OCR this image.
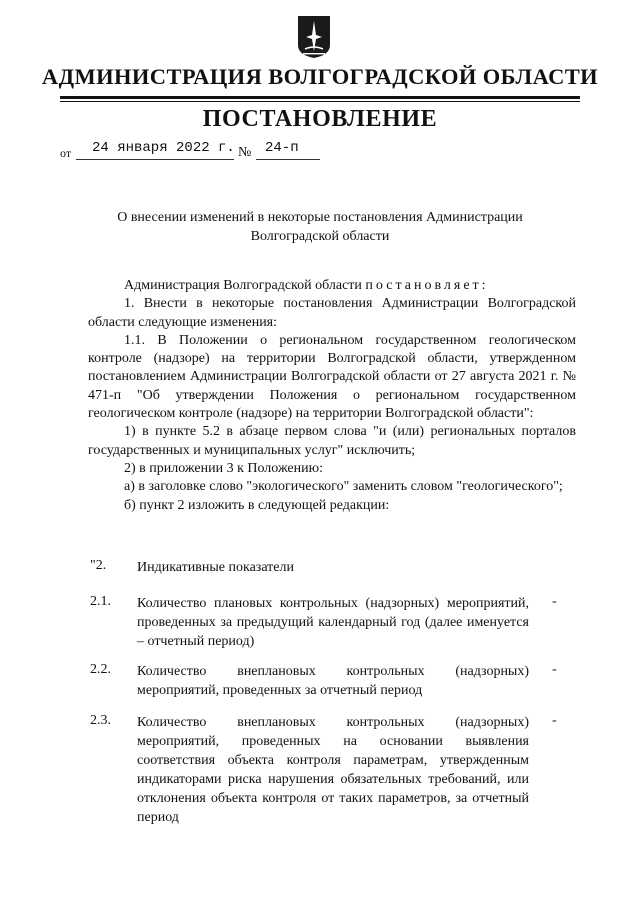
АДМИНИСТРАЦИЯ ВОЛГОГРАДСКОЙ ОБЛАСТИ
ПОСТАНОВЛЕНИЕ
от 24 января 2022 г. № 24-п
О внесении изменений в некоторые постановления Администрации
Волгоградской области

Администрация Волгоградской области постановляет:

1. Внести в некоторые постановления Администрации Волгоградской области следующие изменения:

1.1. В Положении о региональном государственном геологическом контроле (надзоре) на территории Волгоградской области, утвержденном постановлением Администрации Волгоградской области от 27 августа 2021 г. № 471-п "Об утверждении Положения о региональном государственном геологическом контроле (надзоре) на территории Волгоградской области":

1) в пункте 5.2 в абзаце первом слова "и (или) региональных порталов государственных и муниципальных услуг" исключить;

2) в приложении 3 к Положению:

а) в заголовке слово "экологического" заменить словом "геологического";

б) пункт 2 изложить в следующей редакции:

"2. Индикативные показатели
2.1. Количество плановых контрольных (надзорных) мероприятий, проведенных за предыдущий календарный год (далее именуется – отчетный период)
-
2.2. Количество внеплановых контрольных (надзорных) мероприятий, проведенных за отчетный период
-
2.3. Количество внеплановых контрольных (надзорных) мероприятий, проведенных на основании выявления соответствия объекта контроля параметрам, утвержденным индикаторами риска нарушения обязательных требований, или отклонения объекта контроля от таких параметров, за отчетный период
-
